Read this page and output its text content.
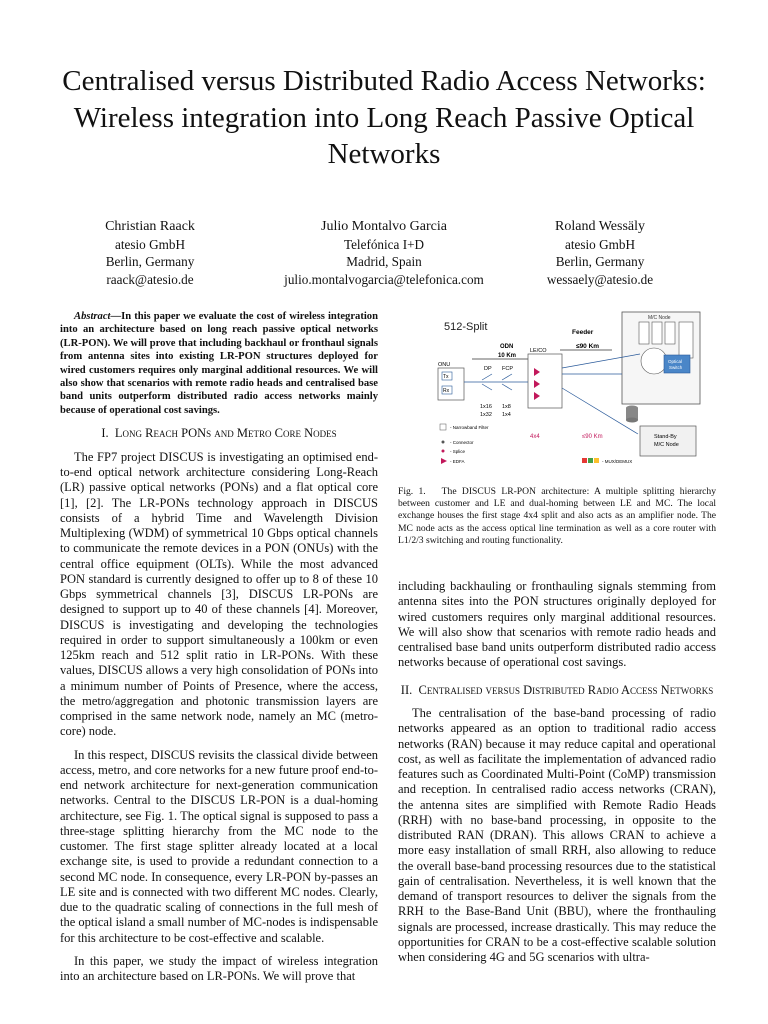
Centralised versus Distributed Radio Access Networks: Wireless integration into Long Reach Passive Optical Networks
Christian Raack
atesio GmbH
Berlin, Germany
raack@atesio.de
Julio Montalvo Garcia
Telefónica I+D
Madrid, Spain
julio.montalvogarcia@telefonica.com
Roland Wessäly
atesio GmbH
Berlin, Germany
wessaely@atesio.de

Abstract—In this paper we evaluate the cost of wireless integration into an architecture based on long reach passive optical networks (LR-PON). We will prove that including backhaul or fronthaul signals from antenna sites into existing LR-PON structures deployed for wired customers requires only marginal additional resources. We will also show that scenarios with remote radio heads and centralised base band units outperform distributed radio access networks mainly because of operational cost savings.

I. Long Reach PONs and Metro Core Nodes

The FP7 project DISCUS is investigating an optimised end-to-end optical network architecture considering Long-Reach (LR) passive optical networks (PONs) and a flat optical core [1], [2]. The LR-PONs technology approach in DISCUS consists of a hybrid Time and Wavelength Division Multiplexing (WDM) of symmetrical 10 Gbps optical channels to communicate the remote devices in a PON (ONUs) with the central office equipment (OLTs). While the most advanced PON standard is currently designed to offer up to 8 of these 10 Gbps symmetrical channels [3], DISCUS LR-PONs are designed to support up to 40 of these channels [4]. Moreover, DISCUS is investigating and developing the technologies required in order to support simultaneously a 100km or even 125km reach and 512 split ratio in LR-PONs. With these values, DISCUS allows a very high consolidation of PONs into a minimum number of Points of Presence, where the access, the metro/aggregation and photonic transmission layers are comprised in the same network node, namely an MC (metro-core) node.

In this respect, DISCUS revisits the classical divide between access, metro, and core networks for a new future proof end-to-end network architecture for next-generation communication networks. Central to the DISCUS LR-PON is a dual-homing architecture, see Fig. 1. The optical signal is supposed to pass a three-stage splitting hierarchy from the MC node to the customer. The first stage splitter already located at a local exchange site, is used to provide a redundant connection to a second MC node. In consequence, every LR-PON by-passes an LE site and is connected with two different MC nodes. Clearly, due to the quadratic scaling of connections in the full mesh of the optical island a small number of MC-nodes is indispensable for this architecture to be cost-effective and scalable.

In this paper, we study the impact of wireless integration into an architecture based on LR-PONs. We will prove that

512-Split	Feeder
≤90 Km
ODN
10 Km
M/C Node
Optical
Switch
LE/CO
ONU
Tx
Rx
DP FCP
1x16
1x32
1x8
1x4
4x4	≤90 Km	Stand-By
M/C Node
- Narrowband Filter
- Connector
- Splice
- EDFA	- MUX/DEMUX

Fig. 1. The DISCUS LR-PON architecture: A multiple splitting hierarchy between customer and LE and dual-homing between LE and MC. The local exchange houses the first stage 4x4 split and also acts as an amplifier node. The MC node acts as the access optical line termination as well as a core router with L1/2/3 switching and routing functionality.

including backhauling or fronthauling signals stemming from antenna sites into the PON structures originally deployed for wired customers requires only marginal additional resources. We will also show that scenarios with remote radio heads and centralised base band units outperform distributed radio access networks because of operational cost savings.

II. Centralised versus Distributed Radio Access Networks

The centralisation of the base-band processing of radio networks appeared as an option to traditional radio access networks (RAN) because it may reduce capital and operational cost, as well as facilitate the implementation of advanced radio features such as Coordinated Multi-Point (CoMP) transmission and reception. In centralised radio access networks (CRAN), the antenna sites are simplified with Remote Radio Heads (RRH) with no base-band processing, in opposite to the distributed RAN (DRAN). This allows CRAN to achieve a more easy installation of small RRH, also allowing to reduce the overall base-band processing resources due to the statistical gain of centralisation. Nevertheless, it is well known that the demand of transport resources to deliver the signals from the RRH to the Base-Band Unit (BBU), where the fronthauling signals are processed, increase drastically. This may reduce the opportunities for CRAN to be a cost-effective scalable solution when considering 4G and 5G scenarios with ultra-
